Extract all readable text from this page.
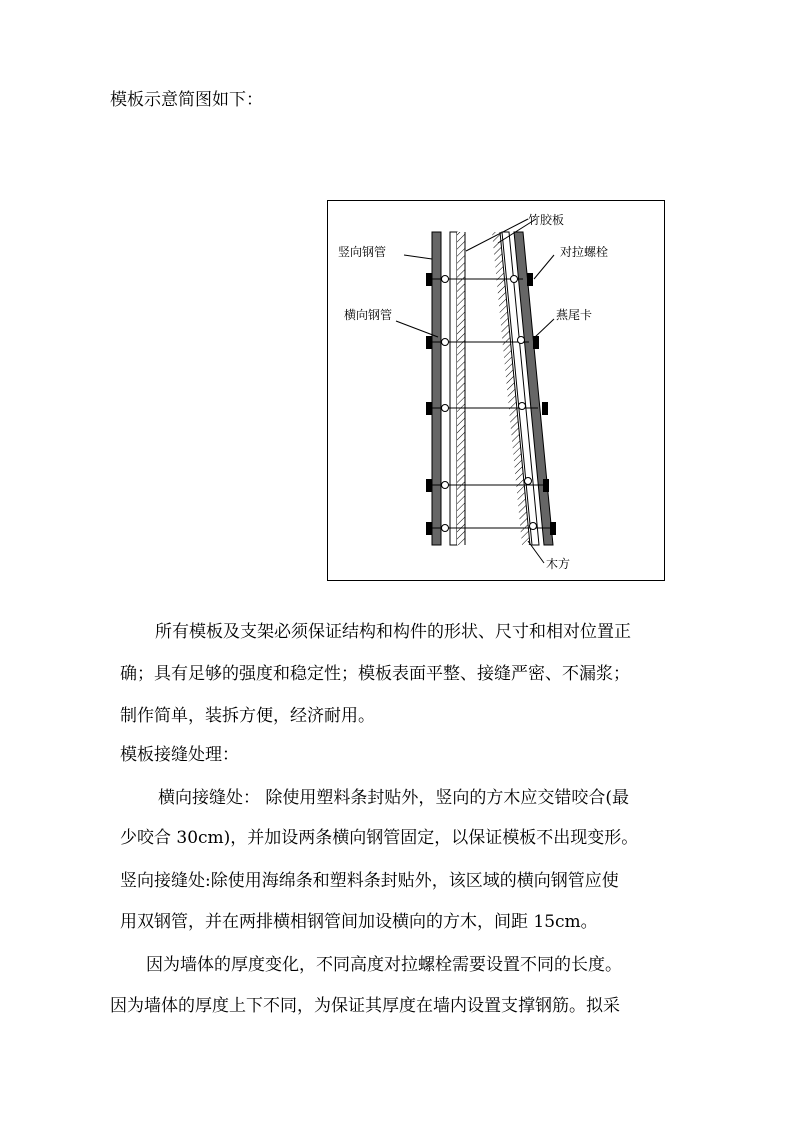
模板示意简图如下：
竹胶板
竖向钢管	对拉螺栓
横向钢管	燕尾卡
木方
所有模板及支架必须保证结构和构件的形状、尺寸和相对位置正
确；具有足够的强度和稳定性；模板表面平整、接缝严密、不漏浆；
制作简单，装拆方便，经济耐用。
模板接缝处理：
横向接缝处： 除使用塑料条封贴外，竖向的方木应交错咬合(最
少咬合 30cm)，并加设两条横向钢管固定，以保证模板不出现变形。
竖向接缝处:除使用海绵条和塑料条封贴外，该区域的横向钢管应使
用双钢管，并在两排横相钢管间加设横向的方木，间距 15cm。
因为墙体的厚度变化，不同高度对拉螺栓需要设置不同的长度。
因为墙体的厚度上下不同，为保证其厚度在墙内设置支撑钢筋。拟采
